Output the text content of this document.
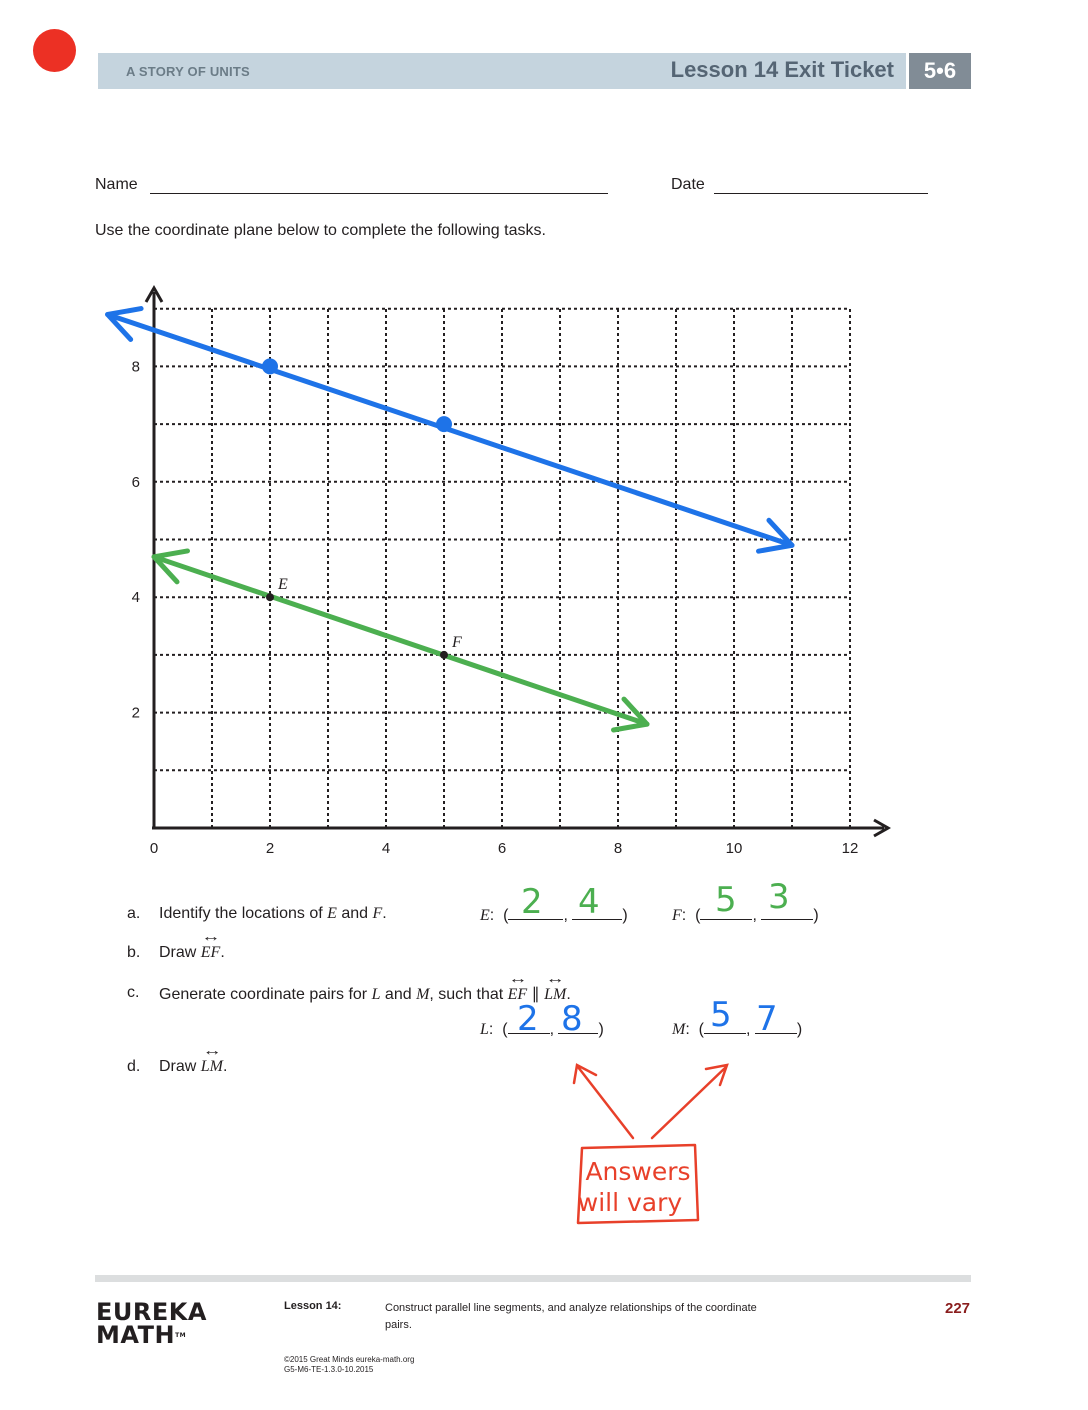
A STORY OF UNITS	Lesson 14 Exit Ticket	5•6
Name	Date
Use the coordinate plane below to complete the following tasks.
0	2	4	6	8	10	12
2
4
6
8
E
F
a. Identify the locations of E and F.	E:  (	,	)
2 4	F:  (	,	)
5 3
b. Draw ↔ EF.
c. Generate coordinate pairs for L and M, such that ↔ EF ∥ ↔ LM.
L:  (	,	)
2 8	M:  (	,	)
5 7
d. Draw ↔ LM.
Answers
will vary
EUREKA
MATH™
Lesson 14:	Construct parallel line segments, and analyze relationships of the coordinate pairs.
227
©2015 Great Minds eureka-math.org
G5-M6-TE-1.3.0-10.2015
